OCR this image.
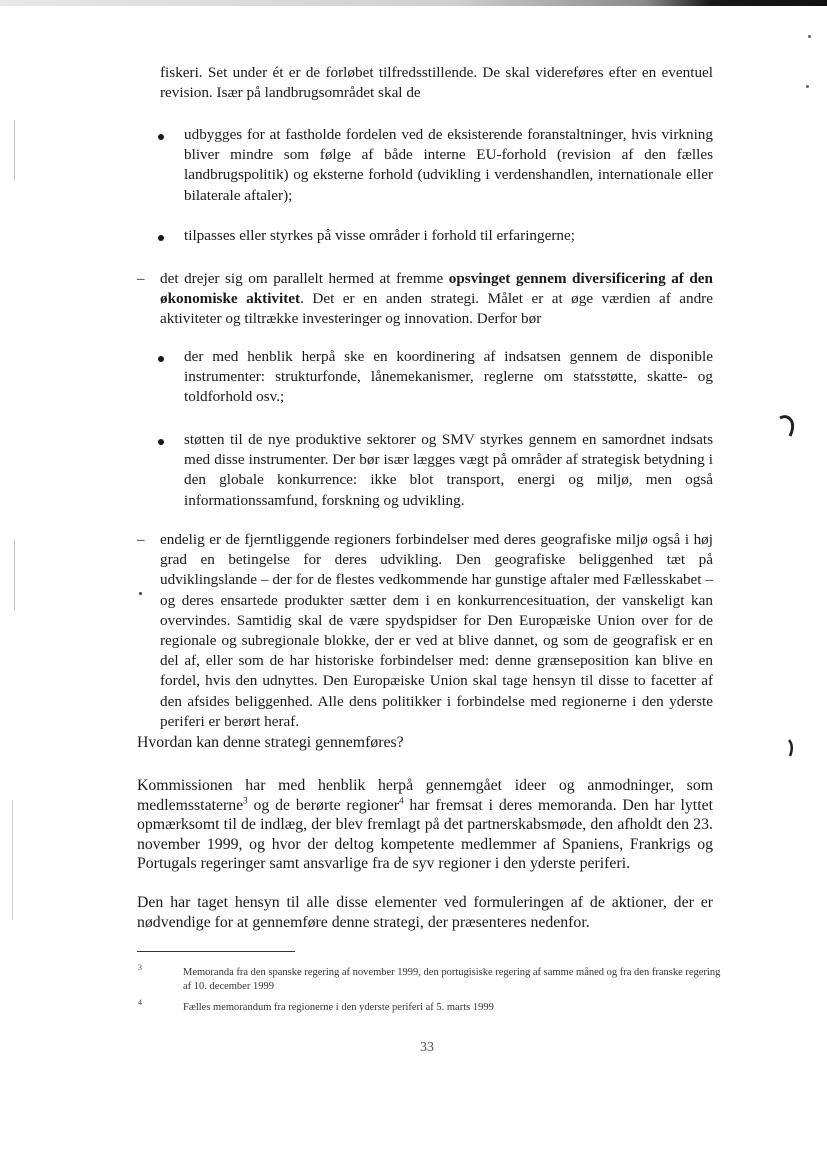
fiskeri. Set under ét er de forløbet tilfredsstillende. De skal videreføres efter en eventuel revision. Især på landbrugsområdet skal de

udbygges for at fastholde fordelen ved de eksisterende foranstaltninger, hvis virkning bliver mindre som følge af både interne EU-forhold (revision af den fælles landbrugspolitik) og eksterne forhold (udvikling i verdenshandlen, internationale eller bilaterale aftaler);

tilpasses eller styrkes på visse områder i forhold til erfaringerne;

– det drejer sig om parallelt hermed at fremme opsvinget gennem diversificering af den økonomiske aktivitet. Det er en anden strategi. Målet er at øge værdien af andre aktiviteter og tiltrække investeringer og innovation. Derfor bør

der med henblik herpå ske en koordinering af indsatsen gennem de disponible instrumenter: strukturfonde, lånemekanismer, reglerne om statsstøtte, skatte- og toldforhold osv.;

støtten til de nye produktive sektorer og SMV styrkes gennem en samordnet indsats med disse instrumenter. Der bør især lægges vægt på områder af strategisk betydning i den globale konkurrence: ikke blot transport, energi og miljø, men også informationssamfund, forskning og udvikling.

– endelig er de fjerntliggende regioners forbindelser med deres geografiske miljø også i høj grad en betingelse for deres udvikling. Den geografiske beliggenhed tæt på udviklingslande – der for de flestes vedkommende har gunstige aftaler med Fællesskabet – og deres ensartede produkter sætter dem i en konkurrencesituation, der vanskeligt kan overvindes. Samtidig skal de være spydspidser for Den Europæiske Union over for de regionale og subregionale blokke, der er ved at blive dannet, og som de geografisk er en del af, eller som de har historiske forbindelser med: denne grænseposition kan blive en fordel, hvis den udnyttes. Den Europæiske Union skal tage hensyn til disse to facetter af den afsides beliggenhed. Alle dens politikker i forbindelse med regionerne i den yderste periferi er berørt heraf.

Hvordan kan denne strategi gennemføres?

Kommissionen har med henblik herpå gennemgået ideer og anmodninger, som medlemsstaterne$^3$ og de berørte regioner$^4$ har fremsat i deres memoranda. Den har lyttet opmærksomt til de indlæg, der blev fremlagt på det partnerskabsmøde, den afholdt den 23. november 1999, og hvor der deltog kompetente medlemmer af Spaniens, Frankrigs og Portugals regeringer samt ansvarlige fra de syv regioner i den yderste periferi.

Den har taget hensyn til alle disse elementer ved formuleringen af de aktioner, der er nødvendige for at gennemføre denne strategi, der præsenteres nedenfor.

3	Memoranda fra den spanske regering af november 1999, den portugisiske regering af samme måned og fra den franske regering af 10. december 1999

4	Fælles memorandum fra regionerne i den yderste periferi af 5. marts 1999

33
